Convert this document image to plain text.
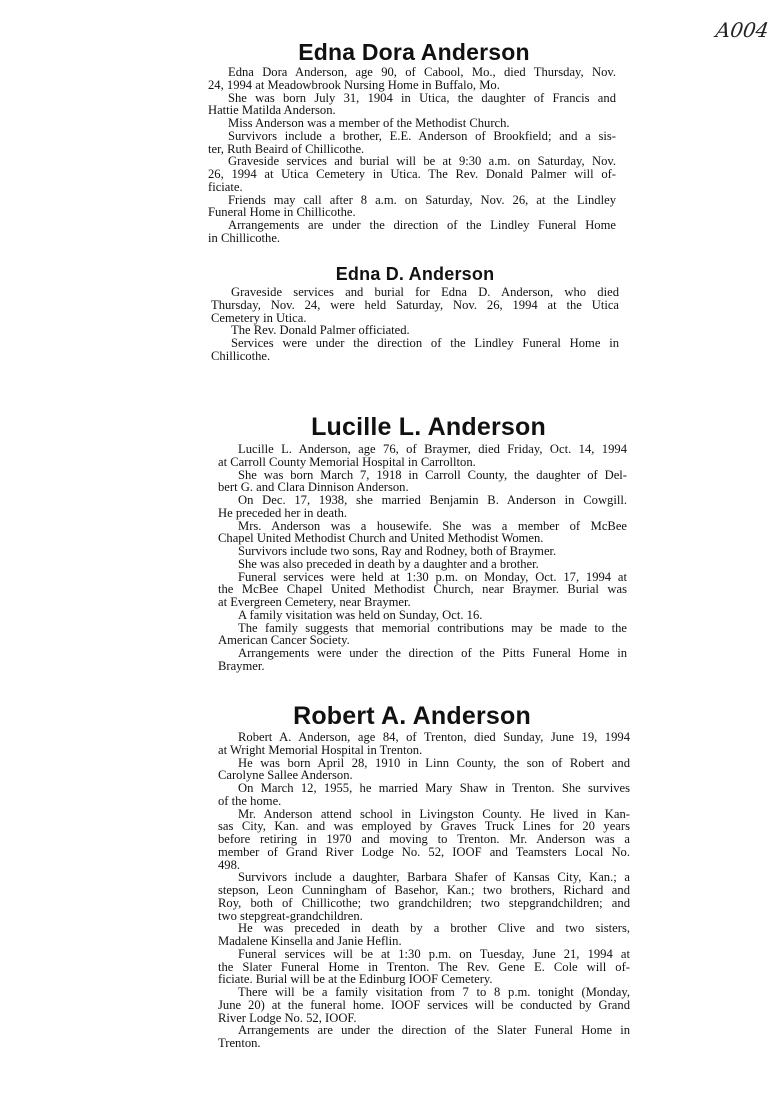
A004
Edna Dora Anderson
Edna Dora Anderson, age 90, of Cabool, Mo., died Thursday, Nov.
24, 1994 at Meadowbrook Nursing Home in Buffalo, Mo.
She was born July 31, 1904 in Utica, the daughter of Francis and
Hattie Matilda Anderson.
Miss Anderson was a member of the Methodist Church.
Survivors include a brother, E.E. Anderson of Brookfield; and a sis-
ter, Ruth Beaird of Chillicothe.
Graveside services and burial will be at 9:30 a.m. on Saturday, Nov.
26, 1994 at Utica Cemetery in Utica. The Rev. Donald Palmer will of-
ficiate.
Friends may call after 8 a.m. on Saturday, Nov. 26, at the Lindley
Funeral Home in Chillicothe.
Arrangements are under the direction of the Lindley Funeral Home
in Chillicothe.
Edna D. Anderson
Graveside services and burial for Edna D. Anderson, who died
Thursday, Nov. 24, were held Saturday, Nov. 26, 1994 at the Utica
Cemetery in Utica.
The Rev. Donald Palmer officiated.
Services were under the direction of the Lindley Funeral Home in
Chillicothe.
Lucille L. Anderson
Lucille L. Anderson, age 76, of Braymer, died Friday, Oct. 14, 1994
at Carroll County Memorial Hospital in Carrollton.
She was born March 7, 1918 in Carroll County, the daughter of Del-
bert G. and Clara Dinnison Anderson.
On Dec. 17, 1938, she married Benjamin B. Anderson in Cowgill.
He preceded her in death.
Mrs. Anderson was a housewife. She was a member of McBee
Chapel United Methodist Church and United Methodist Women.
Survivors include two sons, Ray and Rodney, both of Braymer.
She was also preceded in death by a daughter and a brother.
Funeral services were held at 1:30 p.m. on Monday, Oct. 17, 1994 at
the McBee Chapel United Methodist Church, near Braymer. Burial was
at Evergreen Cemetery, near Braymer.
A family visitation was held on Sunday, Oct. 16.
The family suggests that memorial contributions may be made to the
American Cancer Society.
Arrangements were under the direction of the Pitts Funeral Home in
Braymer.
Robert A. Anderson
Robert A. Anderson, age 84, of Trenton, died Sunday, June 19, 1994
at Wright Memorial Hospital in Trenton.
He was born April 28, 1910 in Linn County, the son of Robert and
Carolyne Sallee Anderson.
On March 12, 1955, he married Mary Shaw in Trenton. She survives
of the home.
Mr. Anderson attend school in Livingston County. He lived in Kan-
sas City, Kan. and was employed by Graves Truck Lines for 20 years
before retiring in 1970 and moving to Trenton. Mr. Anderson was a
member of Grand River Lodge No. 52, IOOF and Teamsters Local No.
498.
Survivors include a daughter, Barbara Shafer of Kansas City, Kan.; a
stepson, Leon Cunningham of Basehor, Kan.; two brothers, Richard and
Roy, both of Chillicothe; two grandchildren; two stepgrandchildren; and
two stepgreat-grandchildren.
He was preceded in death by a brother Clive and two sisters,
Madalene Kinsella and Janie Heflin.
Funeral services will be at 1:30 p.m. on Tuesday, June 21, 1994 at
the Slater Funeral Home in Trenton. The Rev. Gene E. Cole will of-
ficiate. Burial will be at the Edinburg IOOF Cemetery.
There will be a family visitation from 7 to 8 p.m. tonight (Monday,
June 20) at the funeral home. IOOF services will be conducted by Grand
River Lodge No. 52, IOOF.
Arrangements are under the direction of the Slater Funeral Home in
Trenton.
